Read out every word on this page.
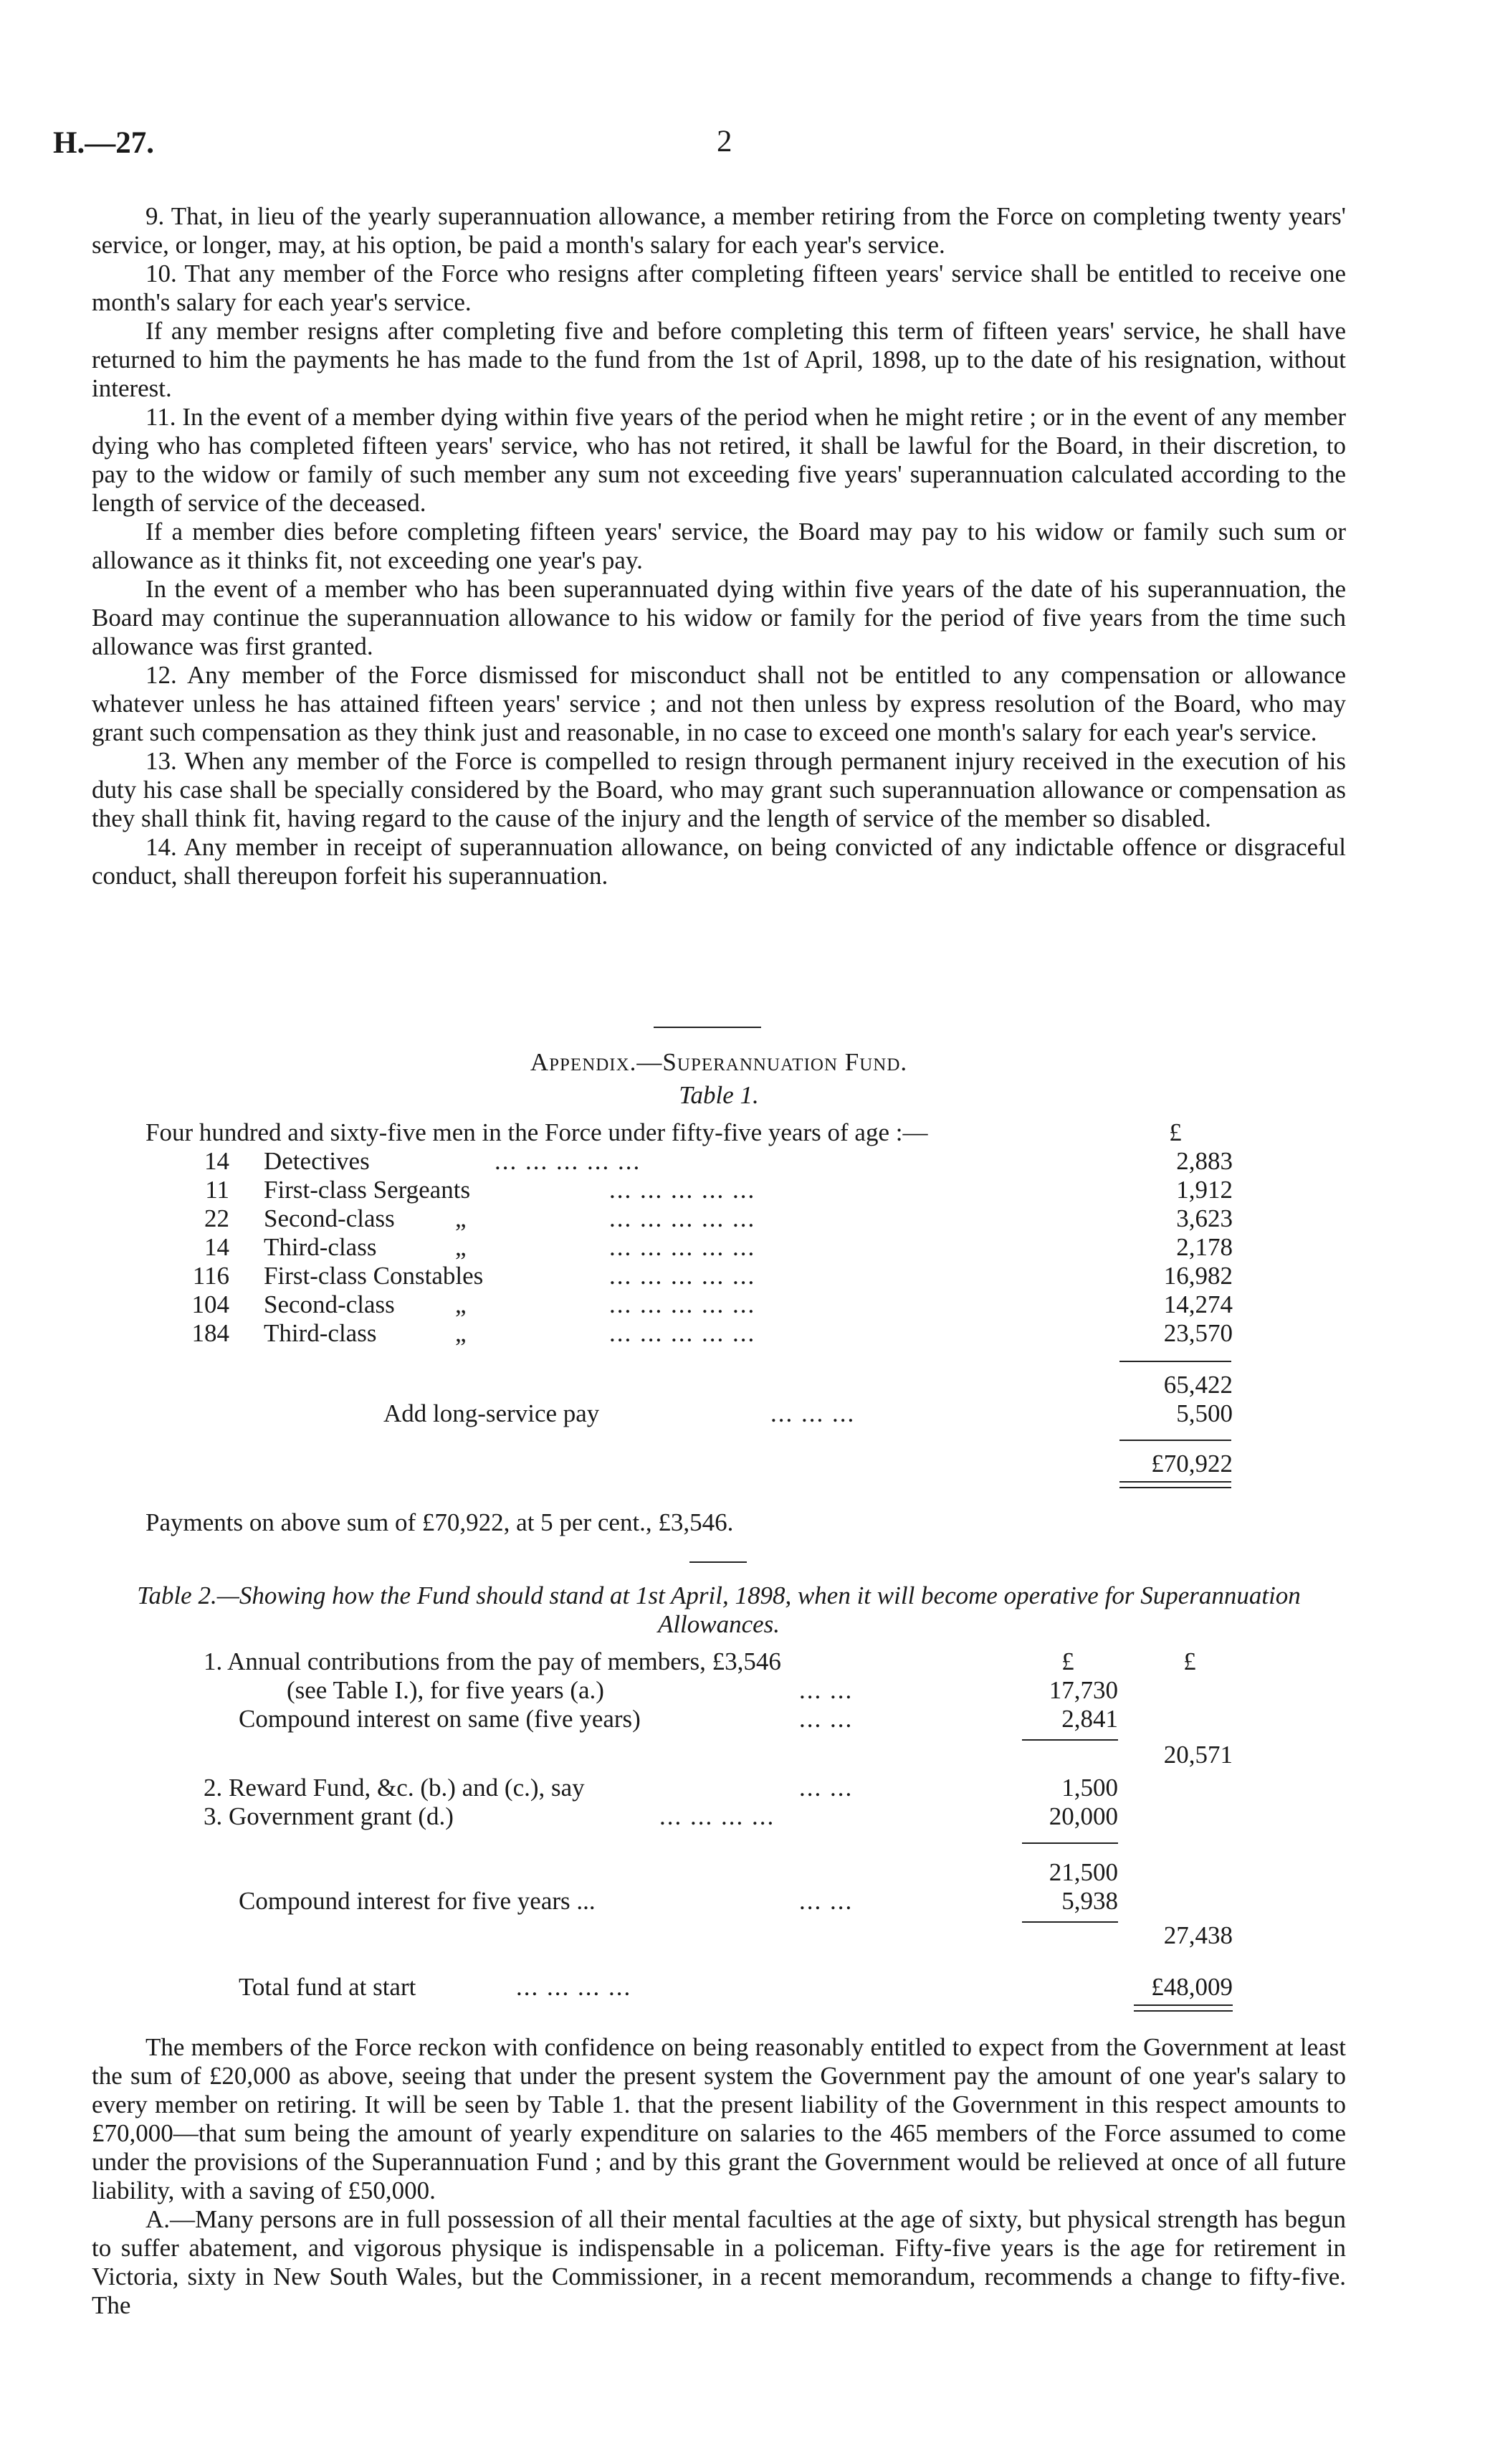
H.—27.	2

9. That, in lieu of the yearly superannuation allowance, a member retiring from the Force on completing twenty years' service, or longer, may, at his option, be paid a month's salary for each year's service.

10. That any member of the Force who resigns after completing fifteen years' service shall be entitled to receive one month's salary for each year's service.

If any member resigns after completing five and before completing this term of fifteen years' service, he shall have returned to him the payments he has made to the fund from the 1st of April, 1898, up to the date of his resignation, without interest.

11. In the event of a member dying within five years of the period when he might retire ; or in the event of any member dying who has completed fifteen years' service, who has not retired, it shall be lawful for the Board, in their discretion, to pay to the widow or family of such member any sum not exceeding five years' superannuation calculated according to the length of service of the deceased.

If a member dies before completing fifteen years' service, the Board may pay to his widow or family such sum or allowance as it thinks fit, not exceeding one year's pay.

In the event of a member who has been superannuated dying within five years of the date of his superannuation, the Board may continue the superannuation allowance to his widow or family for the period of five years from the time such allowance was first granted.

12. Any member of the Force dismissed for misconduct shall not be entitled to any compensation or allowance whatever unless he has attained fifteen years' service ; and not then unless by express resolution of the Board, who may grant such compensation as they think just and reasonable, in no case to exceed one month's salary for each year's service.

13. When any member of the Force is compelled to resign through permanent injury received in the execution of his duty his case shall be specially considered by the Board, who may grant such superannuation allowance or compensation as they shall think fit, having regard to the cause of the injury and the length of service of the member so disabled.

14. Any member in receipt of superannuation allowance, on being convicted of any indictable offence or disgraceful conduct, shall thereupon forfeit his superannuation.

Appendix.—Superannuation Fund.
Table 1.
Four hundred and sixty-five men in the Force under fifty-five years of age :—	£
14 Detectives	... ... ... ... ...	2,883
11 First-class Sergeants	... ... ... ... ...	1,912
22 Second-class „	... ... ... ... ...	3,623
14 Third-class	„	... ... ... ... ...	2,178
116 First-class Constables	... ... ... ... ...	16,982
104 Second-class „	... ... ... ... ...	14,274
184 Third-class	„	... ... ... ... ...	23,570
65,422
Add long-service pay	... ... ...	5,500
£70,922
Payments on above sum of £70,922, at 5 per cent., £3,546.
Table 2.—Showing how the Fund should stand at 1st April, 1898, when it will become operative for Superannuation Allowances.
£	£
1. Annual contributions from the pay of members, £3,546
(see Table I.), for five years (a.)	... ...	17,730
Compound interest on same (five years)	... ...	2,841
20,571
2. Reward Fund, &c. (b.) and (c.), say	... ...	1,500
3. Government grant (d.)	... ... ... ...	20,000
21,500
Compound interest for five years ...	... ...	5,938
27,438
Total fund at start	... ... ... ...	£48,009

The members of the Force reckon with confidence on being reasonably entitled to expect from the Government at least the sum of £20,000 as above, seeing that under the present system the Government pay the amount of one year's salary to every member on retiring. It will be seen by Table 1. that the present liability of the Government in this respect amounts to £70,000—that sum being the amount of yearly expenditure on salaries to the 465 members of the Force assumed to come under the provisions of the Superannuation Fund ; and by this grant the Government would be relieved at once of all future liability, with a saving of £50,000.

A.—Many persons are in full possession of all their mental faculties at the age of sixty, but physical strength has begun to suffer abatement, and vigorous physique is indispensable in a policeman. Fifty-five years is the age for retirement in Victoria, sixty in New South Wales, but the Commissioner, in a recent memorandum, recommends a change to fifty-five. The
